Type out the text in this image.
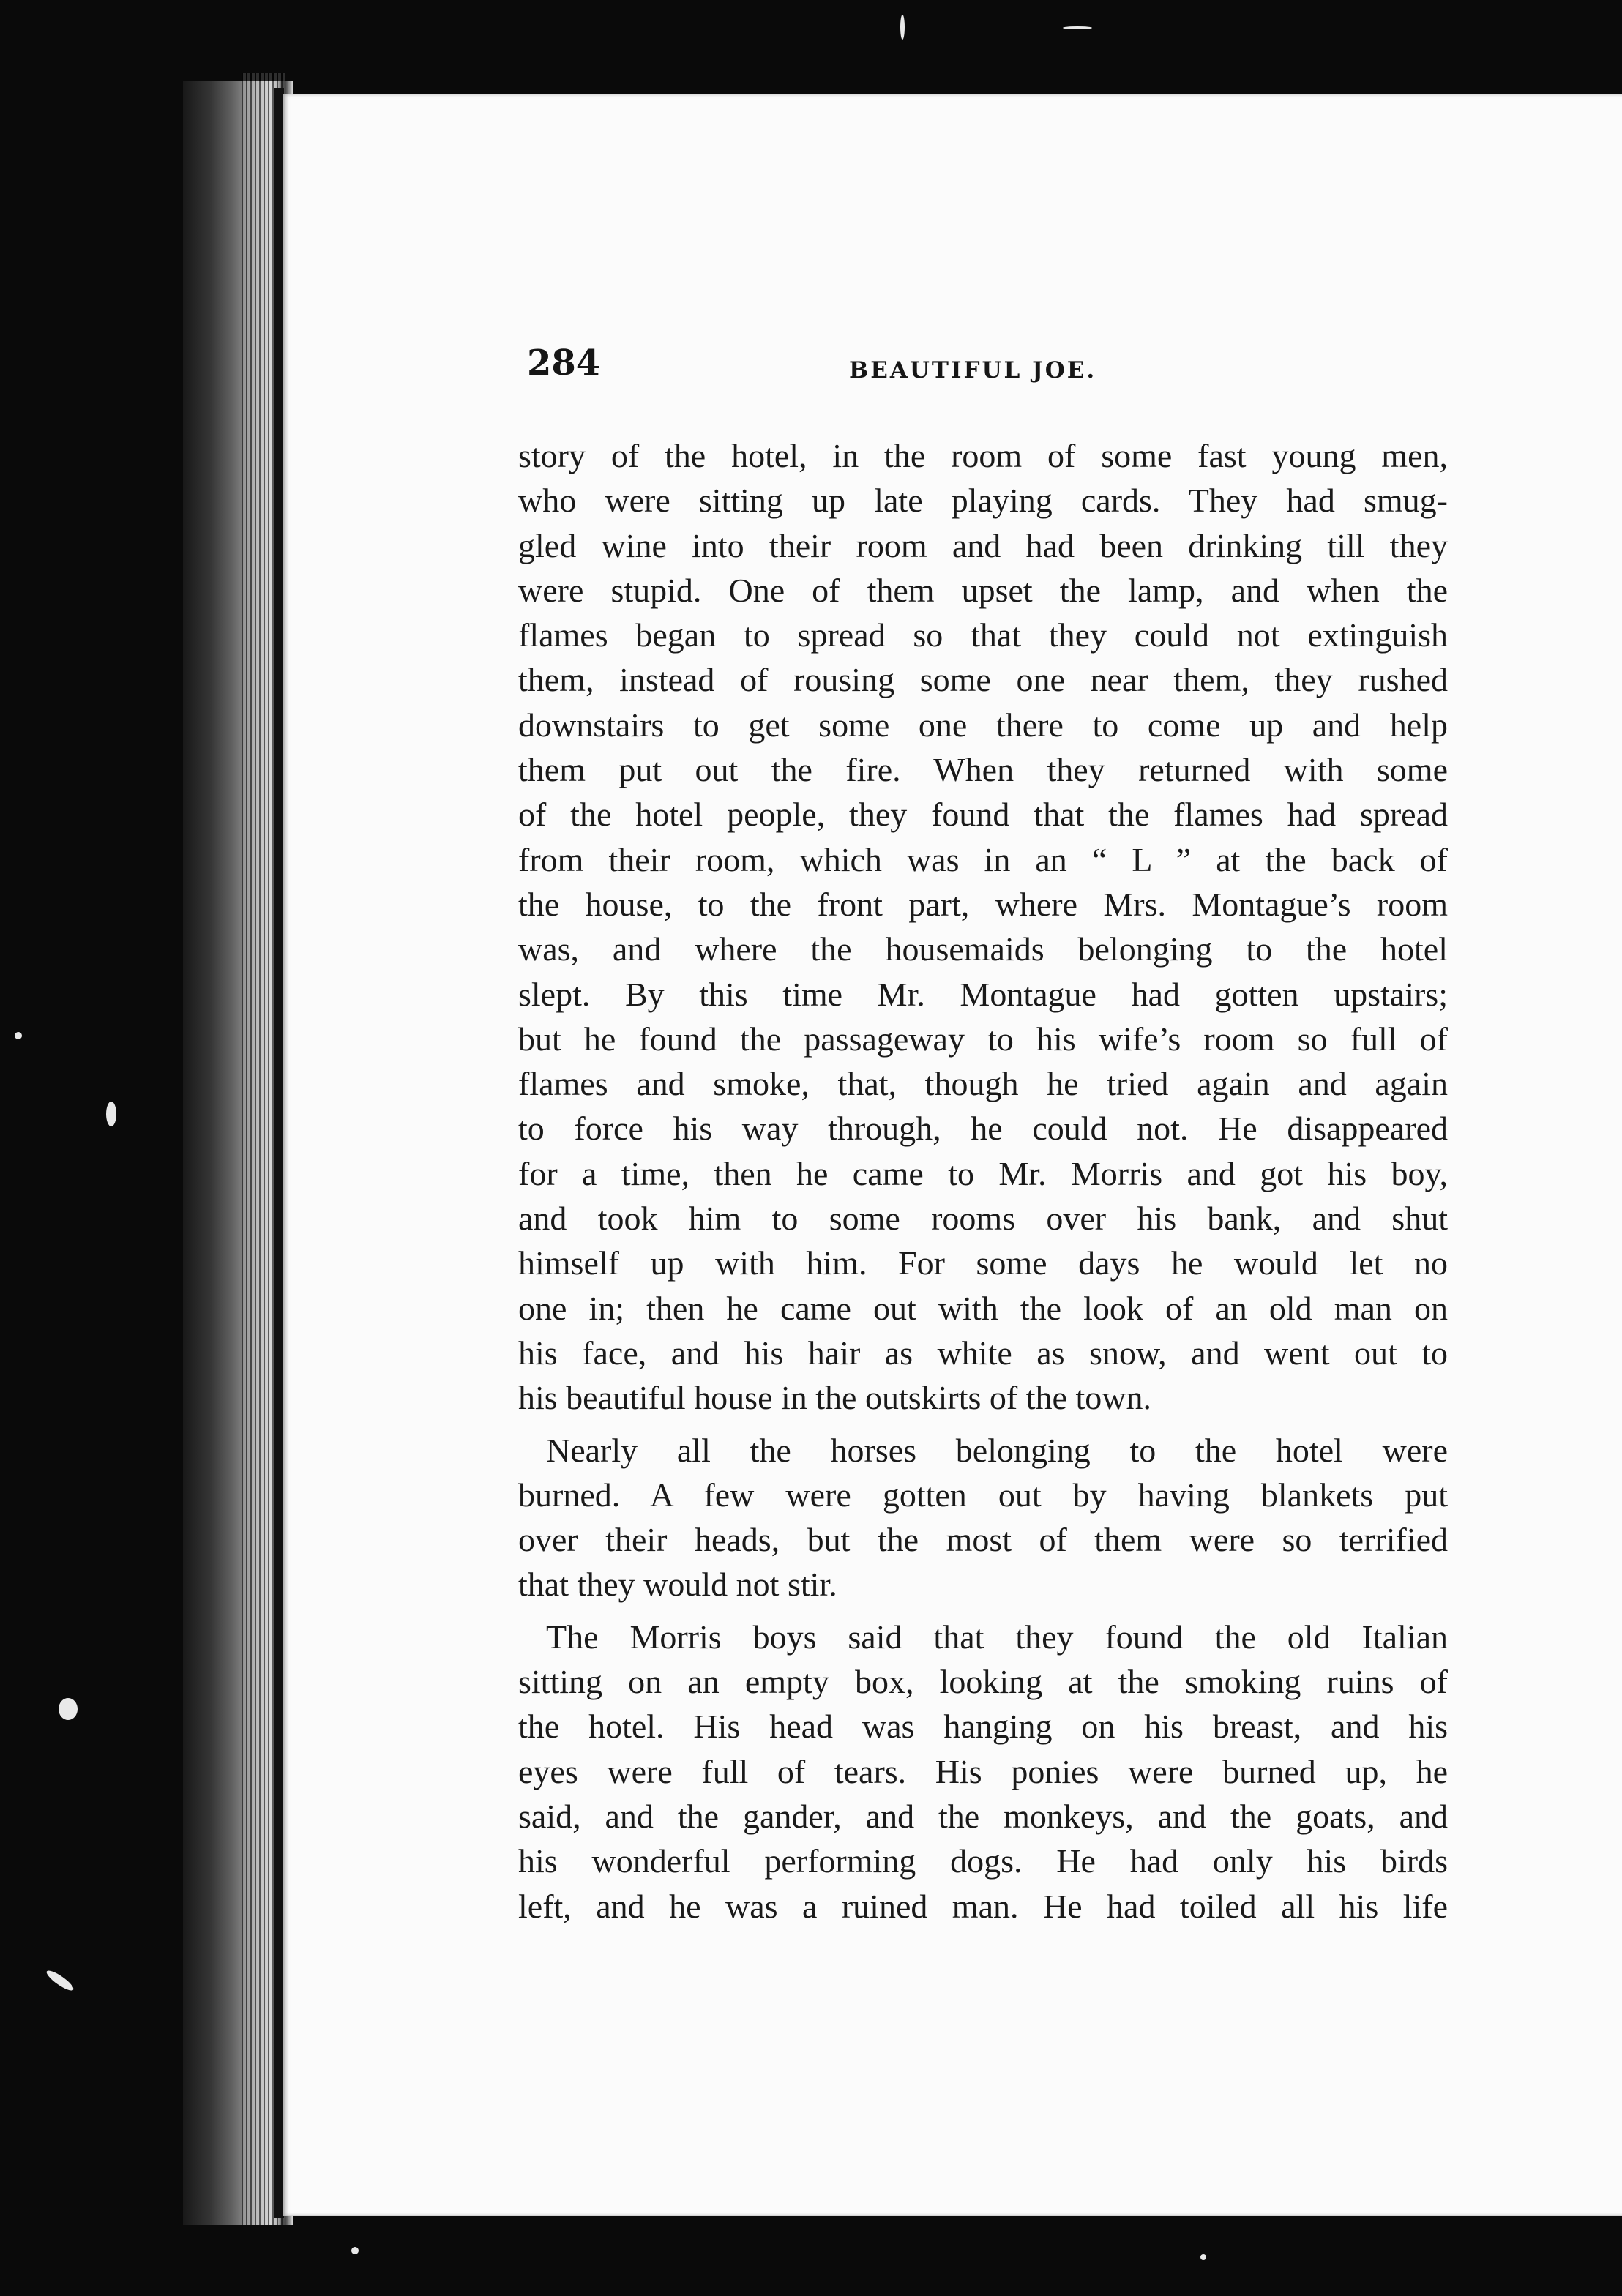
284	BEAUTIFUL JOE.
story of the hotel, in the room of some fast young men,
who were sitting up late playing cards. They had smug-
gled wine into their room and had been drinking till they
were stupid. One of them upset the lamp, and when the
flames began to spread so that they could not extinguish
them, instead of rousing some one near them, they rushed
downstairs to get some one there to come up and help
them put out the fire. When they returned with some
of the hotel people, they found that the flames had spread
from their room, which was in an “ L ” at the back of
the house, to the front part, where Mrs. Montague’s room
was, and where the housemaids belonging to the hotel
slept. By this time Mr. Montague had gotten upstairs;
but he found the passageway to his wife’s room so full of
flames and smoke, that, though he tried again and again
to force his way through, he could not. He disappeared
for a time, then he came to Mr. Morris and got his boy,
and took him to some rooms over his bank, and shut
himself up with him. For some days he would let no
one in; then he came out with the look of an old man on
his face, and his hair as white as snow, and went out to
his beautiful house in the outskirts of the town.
Nearly all the horses belonging to the hotel were
burned. A few were gotten out by having blankets put
over their heads, but the most of them were so terrified
that they would not stir.
The Morris boys said that they found the old Italian
sitting on an empty box, looking at the smoking ruins of
the hotel. His head was hanging on his breast, and his
eyes were full of tears. His ponies were burned up, he
said, and the gander, and the monkeys, and the goats, and
his wonderful performing dogs. He had only his birds
left, and he was a ruined man. He had toiled all his life
